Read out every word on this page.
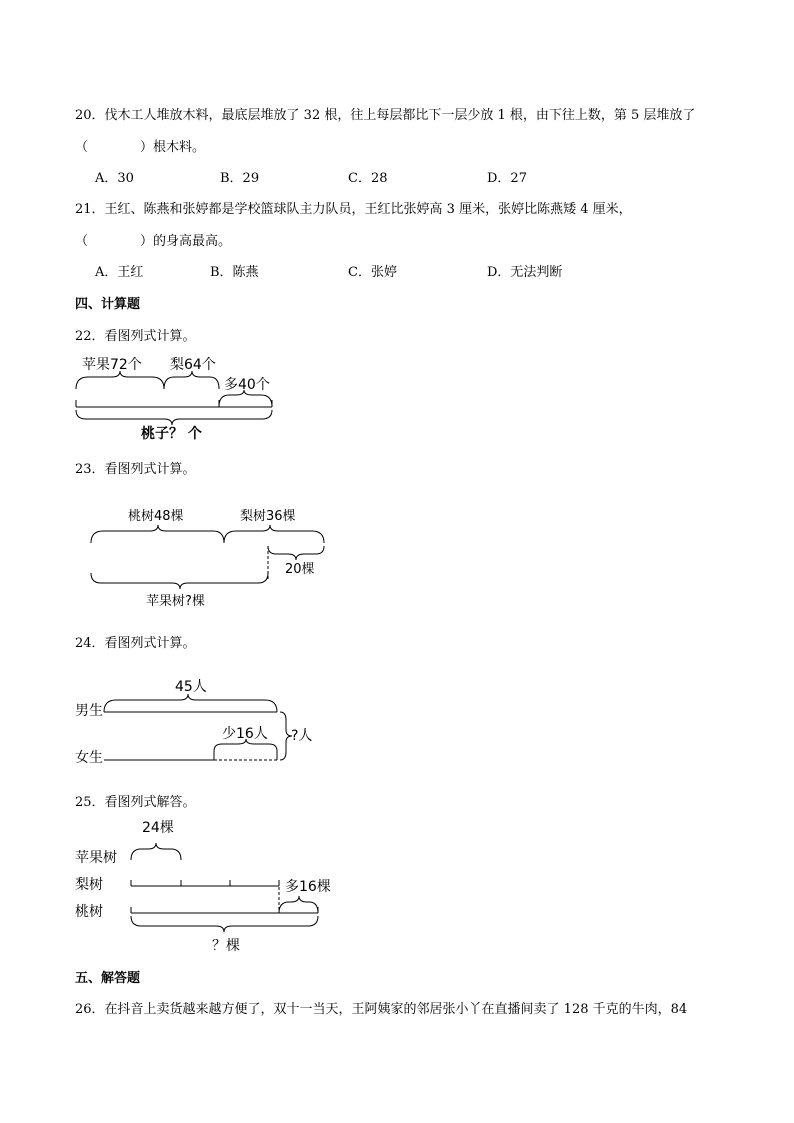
20．伐木工人堆放木料，最底层堆放了 32 根，往上每层都比下一层少放 1 根，由下往上数，第 5 层堆放了
（　　　　）根木料。
A．30	B．29	C．28	D．27
21．王红、陈燕和张婷都是学校篮球队主力队员，王红比张婷高 3 厘米，张婷比陈燕矮 4 厘米，
（　　　　）的身高最高。
A．王红	B．陈燕	C．张婷	D．无法判断
四、计算题
22．看图列式计算。
苹果72个 梨64个
多40个
桃子？ 个
23．看图列式计算。
桃树48棵	梨树36棵
20棵
苹果树?棵
24．看图列式计算。
男生
女生
45人
少16人 ?人
25．看图列式解答。
24棵
苹果树
梨树
桃树
多16棵
？棵
五、解答题
26．在抖音上卖货越来越方便了，双十一当天，王阿姨家的邻居张小丫在直播间卖了 128 千克的牛肉，84
